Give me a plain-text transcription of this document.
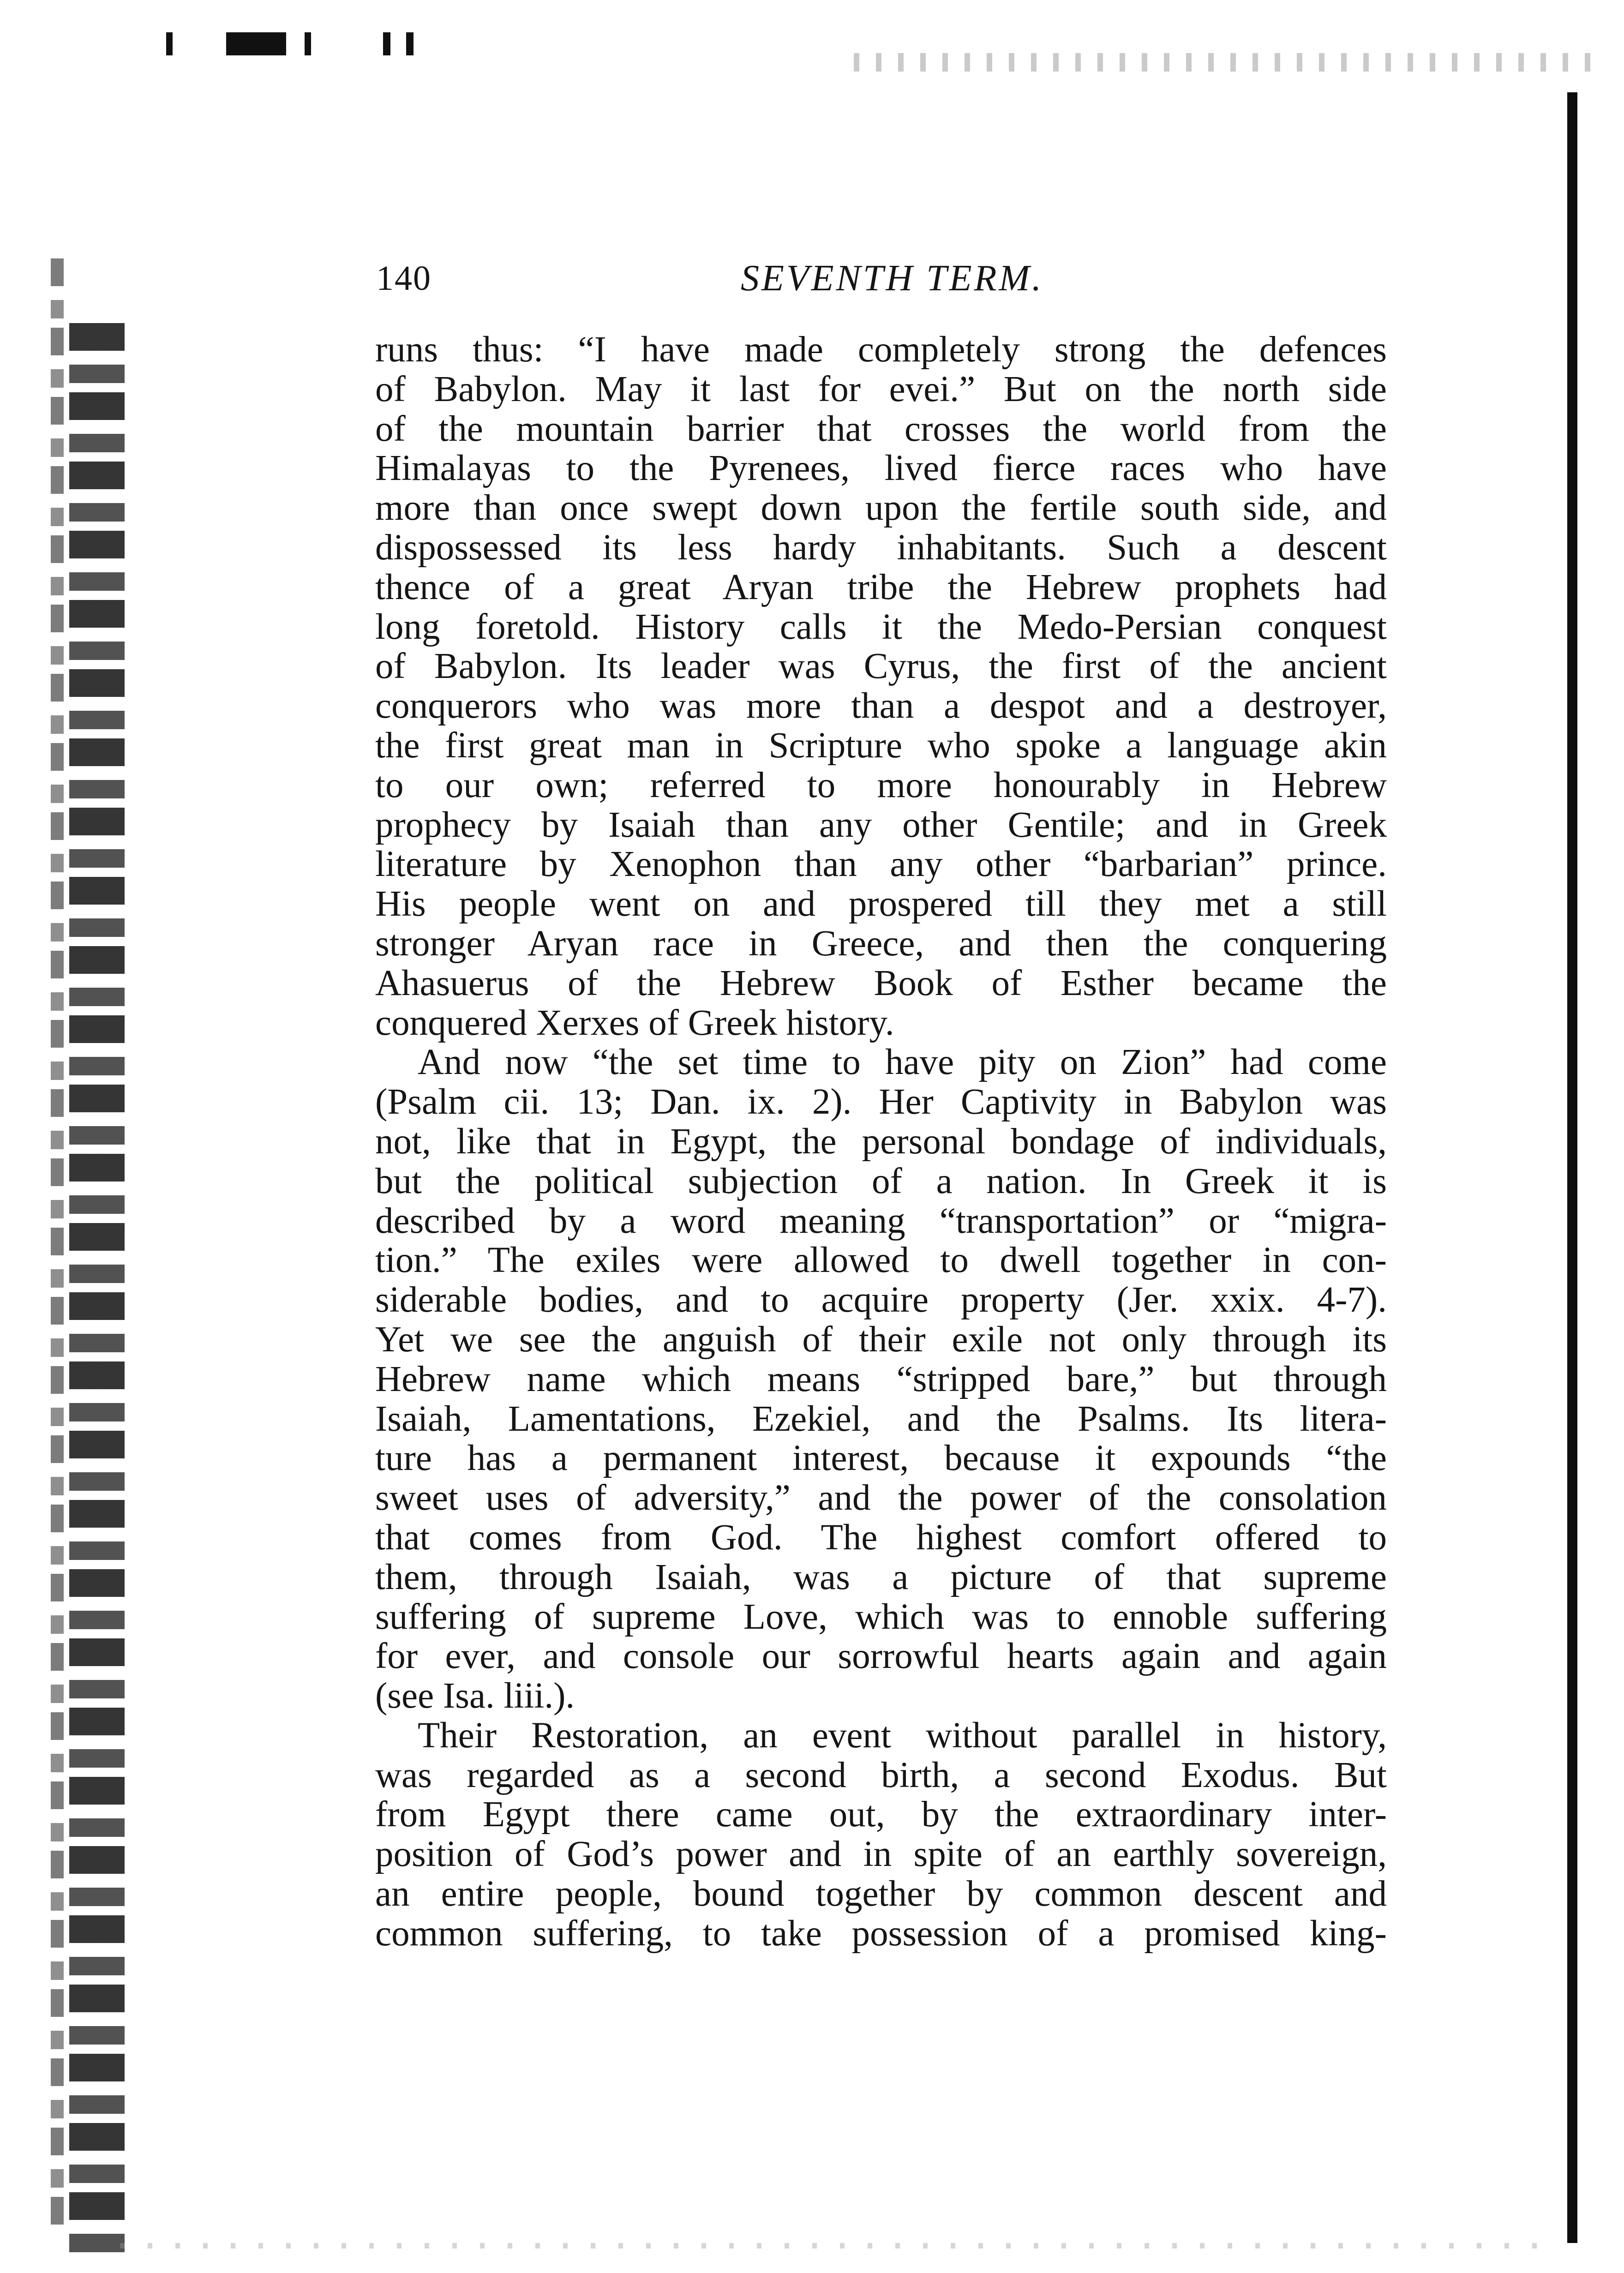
140	SEVENTH TERM.
runs thus: “I have made completely strong the defences
of Babylon. May it last for evei.” But on the north side
of the mountain barrier that crosses the world from the
Himalayas to the Pyrenees, lived fierce races who have
more than once swept down upon the fertile south side, and
dispossessed its less hardy inhabitants. Such a descent
thence of a great Aryan tribe the Hebrew prophets had
long foretold. History calls it the Medo-Persian conquest
of Babylon. Its leader was Cyrus, the first of the ancient
conquerors who was more than a despot and a destroyer,
the first great man in Scripture who spoke a language akin
to our own; referred to more honourably in Hebrew
prophecy by Isaiah than any other Gentile; and in Greek
literature by Xenophon than any other “barbarian” prince.
His people went on and prospered till they met a still
stronger Aryan race in Greece, and then the conquering
Ahasuerus of the Hebrew Book of Esther became the
conquered Xerxes of Greek history.
And now “the set time to have pity on Zion” had come
(Psalm cii. 13; Dan. ix. 2). Her Captivity in Babylon was
not, like that in Egypt, the personal bondage of individuals,
but the political subjection of a nation. In Greek it is
described by a word meaning “transportation” or “migra-
tion.” The exiles were allowed to dwell together in con-
siderable bodies, and to acquire property (Jer. xxix. 4-7).
Yet we see the anguish of their exile not only through its
Hebrew name which means “stripped bare,” but through
Isaiah, Lamentations, Ezekiel, and the Psalms. Its litera-
ture has a permanent interest, because it expounds “the
sweet uses of adversity,” and the power of the consolation
that comes from God. The highest comfort offered to
them, through Isaiah, was a picture of that supreme
suffering of supreme Love, which was to ennoble suffering
for ever, and console our sorrowful hearts again and again
(see Isa. liii.).
Their Restoration, an event without parallel in history,
was regarded as a second birth, a second Exodus. But
from Egypt there came out, by the extraordinary inter-
position of God’s power and in spite of an earthly sovereign,
an entire people, bound together by common descent and
common suffering, to take possession of a promised king-
